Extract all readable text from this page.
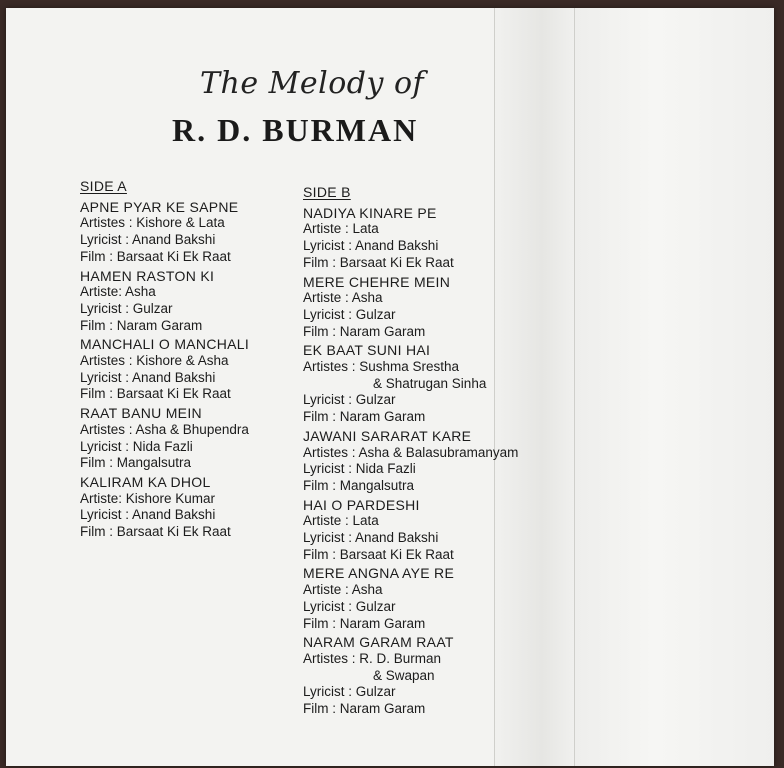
The Melody of
R. D. BURMAN
SIDE A
APNE PYAR KE SAPNE
Artistes : Kishore & Lata
Lyricist : Anand Bakshi
Film : Barsaat Ki Ek Raat
HAMEN RASTON KI
Artiste: Asha
Lyricist : Gulzar
Film : Naram Garam
MANCHALI O MANCHALI
Artistes : Kishore & Asha
Lyricist : Anand Bakshi
Film : Barsaat Ki Ek Raat
RAAT BANU MEIN
Artistes : Asha & Bhupendra
Lyricist : Nida Fazli
Film : Mangalsutra
KALIRAM KA DHOL
Artiste: Kishore Kumar
Lyricist : Anand Bakshi
Film : Barsaat Ki Ek Raat
SIDE B
NADIYA KINARE PE
Artiste : Lata
Lyricist : Anand Bakshi
Film : Barsaat Ki Ek Raat
MERE CHEHRE MEIN
Artiste : Asha
Lyricist : Gulzar
Film : Naram Garam
EK BAAT SUNI HAI
Artistes : Sushma Srestha
& Shatrugan Sinha
Lyricist : Gulzar
Film : Naram Garam
JAWANI SARARAT KARE
Artistes : Asha & Balasubramanyam
Lyricist : Nida Fazli
Film : Mangalsutra
HAI O PARDESHI
Artiste : Lata
Lyricist : Anand Bakshi
Film : Barsaat Ki Ek Raat
MERE ANGNA AYE RE
Artiste : Asha
Lyricist : Gulzar
Film : Naram Garam
NARAM GARAM RAAT
Artistes : R. D. Burman
& Swapan
Lyricist : Gulzar
Film : Naram Garam
